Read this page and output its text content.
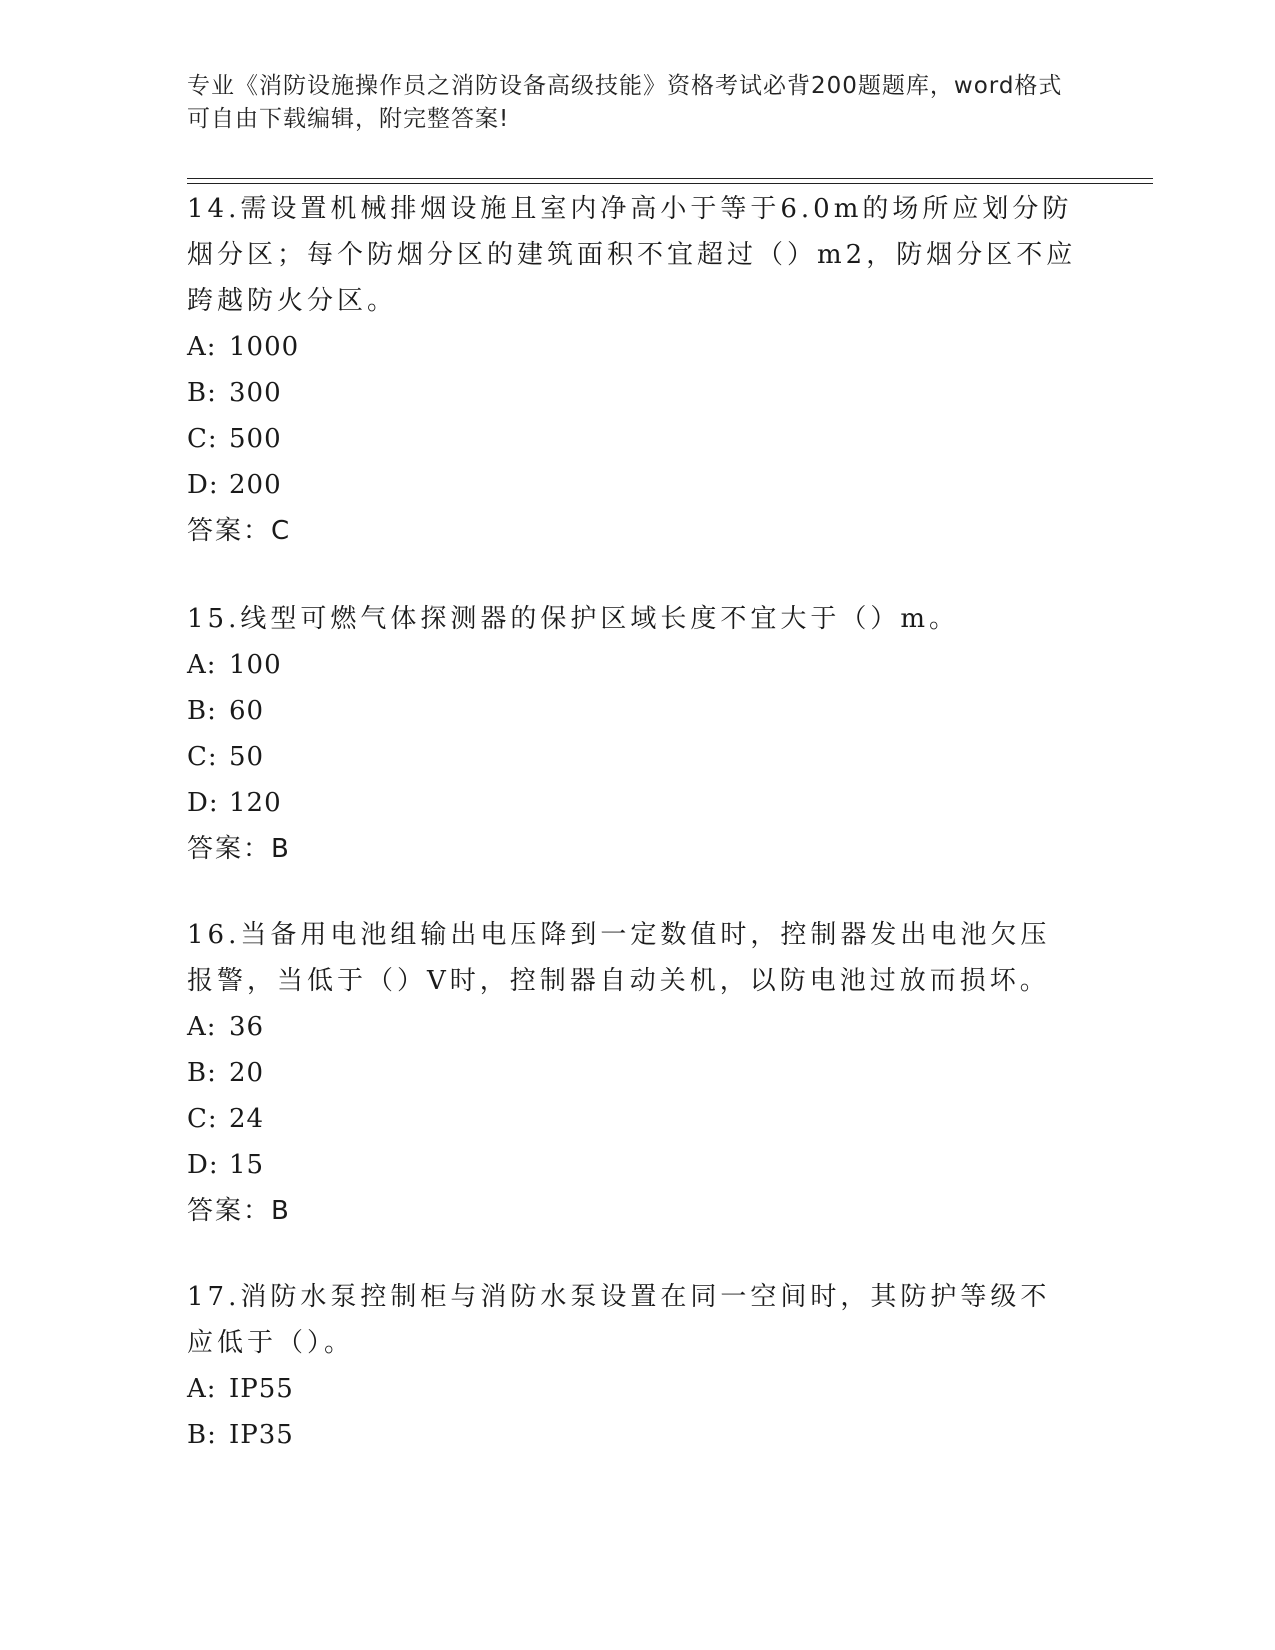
专业《消防设施操作员之消防设备高级技能》资格考试必背200题题库，word格式可自由下载编辑，附完整答案!

14.需设置机械排烟设施且室内净高小于等于6.0m的场所应划分防烟分区；每个防烟分区的建筑面积不宜超过（）m2，防烟分区不应跨越防火分区。

A: 1000

B: 300

C: 500

D: 200

答案：C

15.线型可燃气体探测器的保护区域长度不宜大于（）m。

A: 100

B: 60

C: 50

D: 120

答案：B

16.当备用电池组输出电压降到一定数值时，控制器发出电池欠压报警，当低于（）V时，控制器自动关机，以防电池过放而损坏。

A: 36

B: 20

C: 24

D: 15

答案：B

17.消防水泵控制柜与消防水泵设置在同一空间时，其防护等级不应低于（）。

A: IP55

B: IP35
